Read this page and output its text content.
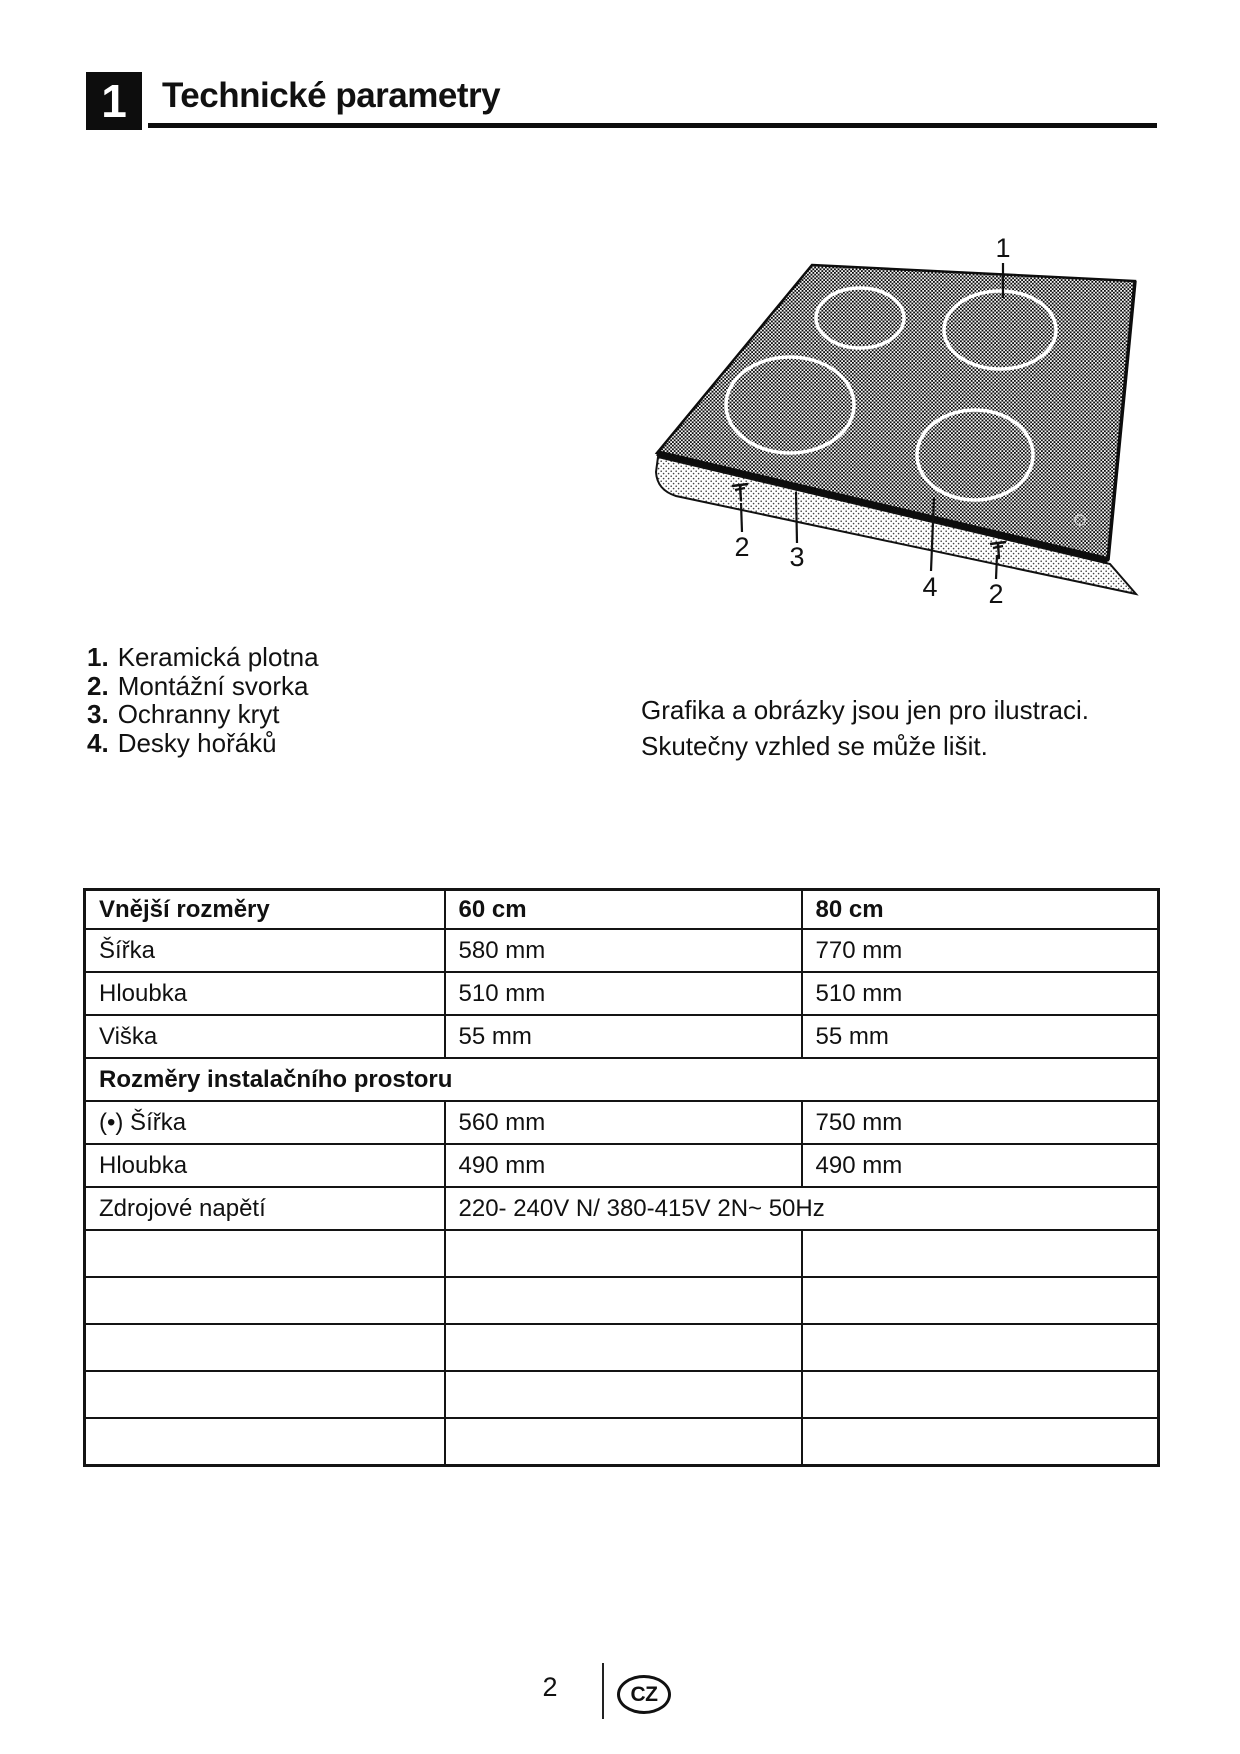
1 Technické parametry
1
2 3
4 2
1. Keramická plotna
2. Montážní svorka
3. Ochranny kryt
4. Desky hořáků
Grafika a obrázky jsou jen pro ilustraci.
Skutečny vzhled se může lišit.
Vnější rozměry	60 cm	80 cm
Šířka	580 mm	770 mm
Hloubka	510 mm	510 mm
Viška	55 mm	55 mm
Rozměry instalačního prostoru		
(•) Šířka	560 mm	750 mm
Hloubka	490 mm	490 mm
Zdrojové napětí	220- 240V N/ 380-415V 2N~ 50Hz	

2	CZ
